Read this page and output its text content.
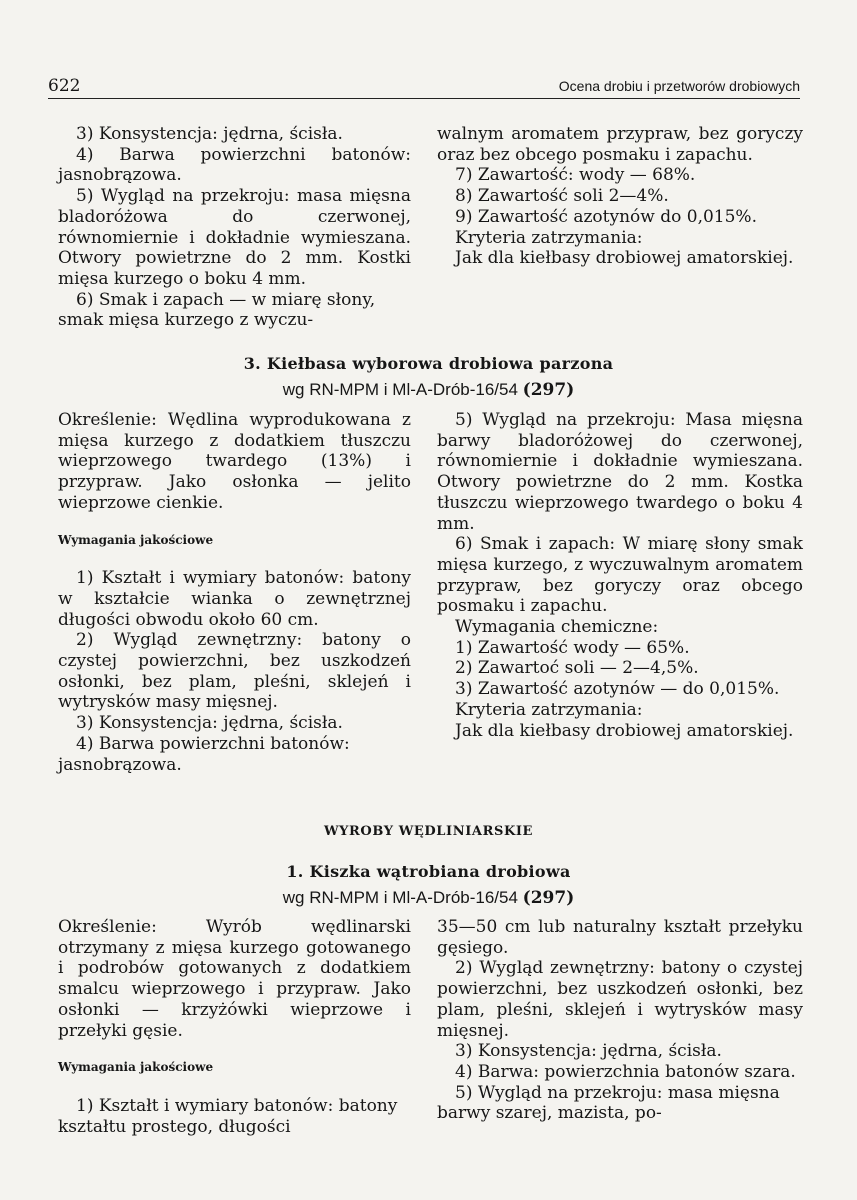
622	Ocena drobiu i przetworów drobiowych

3) Konsystencja: jędrna, ścisła.

4) Barwa powierzchni batonów: jasnobrązowa.

5) Wygląd na przekroju: masa mięsna bladoróżowa do czerwonej, równomiernie i dokładnie wymieszana. Otwory powietrzne do 2 mm. Kostki mięsa kurzego o boku 4 mm.

6) Smak i zapach — w miarę słony, smak mięsa kurzego z wyczu-

walnym aromatem przypraw, bez goryczy oraz bez obcego posmaku i zapachu.

7) Zawartość: wody — 68%.

8) Zawartość soli 2—4%.

9) Zawartość azotynów do 0,015%.

Kryteria zatrzymania:

Jak dla kiełbasy drobiowej amatorskiej.

3. Kiełbasa wyborowa drobiowa parzona
wg RN-MPM i Ml-A-Drób-16/54 (297)

Określenie: Wędlina wyprodukowana z mięsa kurzego z dodatkiem tłuszczu wieprzowego twardego (13%) i przypraw. Jako osłonka — jelito wieprzowe cienkie.

Wymagania jakościowe

1) Kształt i wymiary batonów: batony w kształcie wianka o zewnętrznej długości obwodu około 60 cm.

2) Wygląd zewnętrzny: batony o czystej powierzchni, bez uszkodzeń osłonki, bez plam, pleśni, sklejeń i wytrysków masy mięsnej.

3) Konsystencja: jędrna, ścisła.

4) Barwa powierzchni batonów: jasnobrązowa.

5) Wygląd na przekroju: Masa mięsna barwy bladoróżowej do czerwonej, równomiernie i dokładnie wymieszana. Otwory powietrzne do 2 mm. Kostka tłuszczu wieprzowego twardego o boku 4 mm.

6) Smak i zapach: W miarę słony smak mięsa kurzego, z wyczuwalnym aromatem przypraw, bez goryczy oraz obcego posmaku i zapachu.

Wymagania chemiczne:

1) Zawartość wody — 65%.

2) Zawartoć soli — 2—4,5%.

3) Zawartość azotynów — do 0,015%.

Kryteria zatrzymania:

Jak dla kiełbasy drobiowej amatorskiej.

WYROBY WĘDLINIARSKIE
1. Kiszka wątrobiana drobiowa
wg RN-MPM i Ml-A-Drób-16/54 (297)

Określenie: Wyrób wędlinarski otrzymany z mięsa kurzego gotowanego i podrobów gotowanych z dodatkiem smalcu wieprzowego i przypraw. Jako osłonki — krzyżówki wieprzowe i przełyki gęsie.

Wymagania jakościowe

1) Kształt i wymiary batonów: batony kształtu prostego, długości

35—50 cm lub naturalny kształt przełyku gęsiego.

2) Wygląd zewnętrzny: batony o czystej powierzchni, bez uszkodzeń osłonki, bez plam, pleśni, sklejeń i wytrysków masy mięsnej.

3) Konsystencja: jędrna, ścisła.

4) Barwa: powierzchnia batonów szara.

5) Wygląd na przekroju: masa mięsna barwy szarej, mazista, po-
